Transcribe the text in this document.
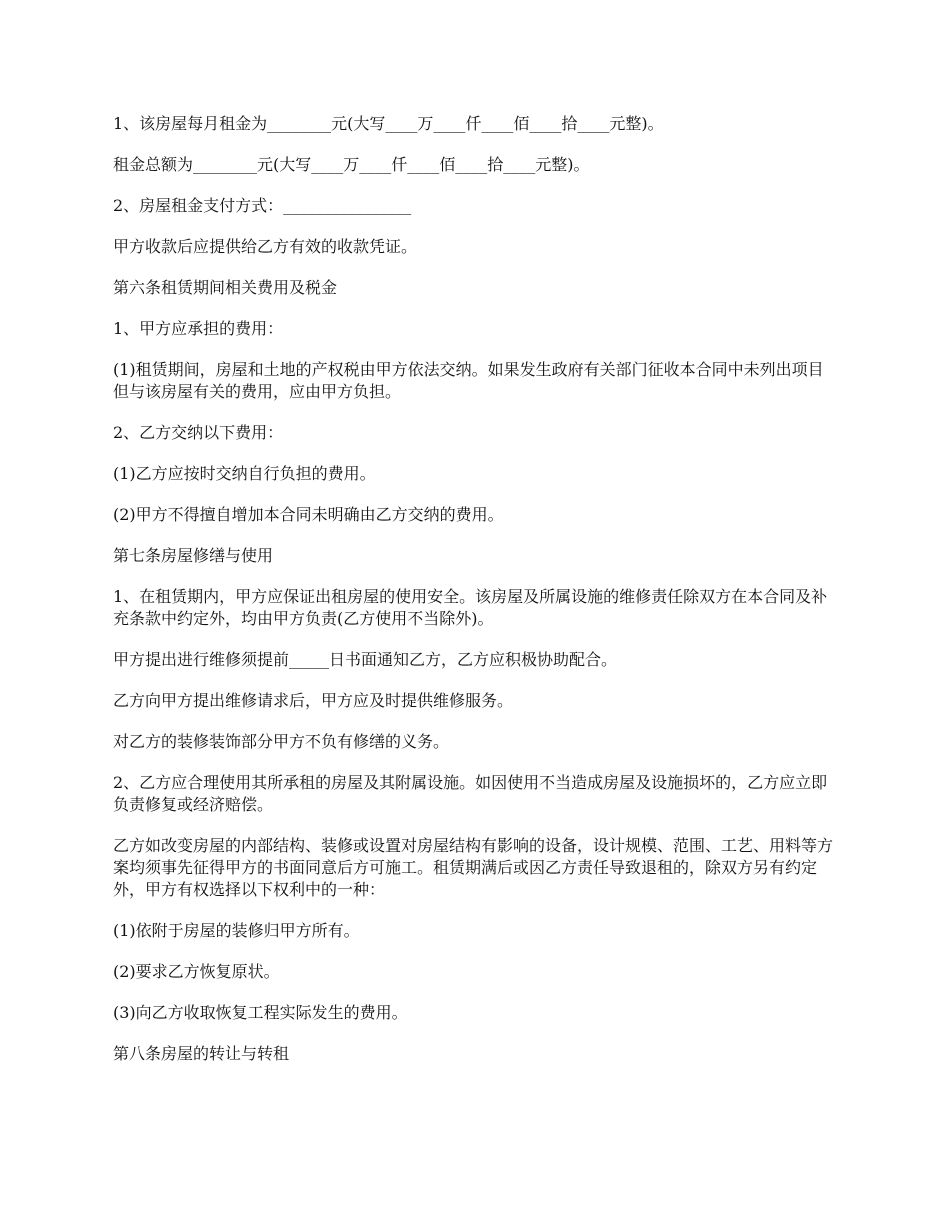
1、该房屋每月租金为________元(大写____万____仟____佰____拾____元整)。

租金总额为________元(大写____万____仟____佰____拾____元整)。

2、房屋租金支付方式：________________

甲方收款后应提供给乙方有效的收款凭证。

第六条租赁期间相关费用及税金

1、甲方应承担的费用：

(1)租赁期间，房屋和土地的产权税由甲方依法交纳。如果发生政府有关部门征收本合同中未列出项目但与该房屋有关的费用，应由甲方负担。

2、乙方交纳以下费用：

(1)乙方应按时交纳自行负担的费用。

(2)甲方不得擅自增加本合同未明确由乙方交纳的费用。

第七条房屋修缮与使用

1、在租赁期内，甲方应保证出租房屋的使用安全。该房屋及所属设施的维修责任除双方在本合同及补充条款中约定外，均由甲方负责(乙方使用不当除外)。

甲方提出进行维修须提前_____日书面通知乙方，乙方应积极协助配合。

乙方向甲方提出维修请求后，甲方应及时提供维修服务。

对乙方的装修装饰部分甲方不负有修缮的义务。

2、乙方应合理使用其所承租的房屋及其附属设施。如因使用不当造成房屋及设施损坏的，乙方应立即负责修复或经济赔偿。

乙方如改变房屋的内部结构、装修或设置对房屋结构有影响的设备，设计规模、范围、工艺、用料等方案均须事先征得甲方的书面同意后方可施工。租赁期满后或因乙方责任导致退租的，除双方另有约定外，甲方有权选择以下权利中的一种：

(1)依附于房屋的装修归甲方所有。

(2)要求乙方恢复原状。

(3)向乙方收取恢复工程实际发生的费用。

第八条房屋的转让与转租
